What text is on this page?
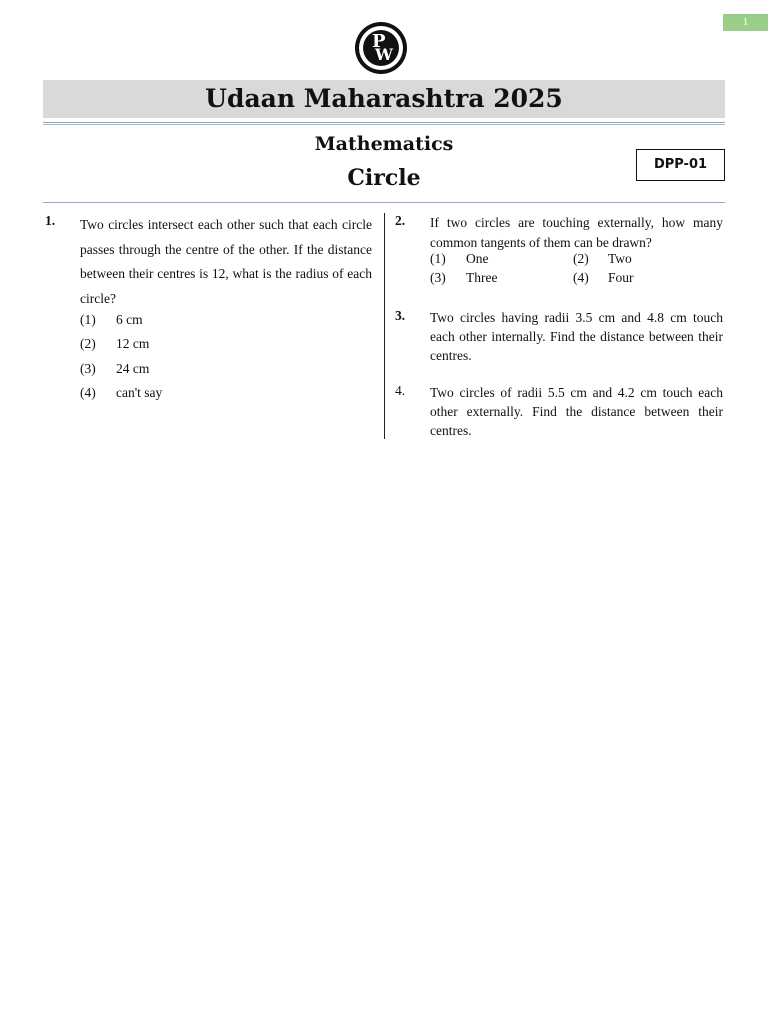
1
P
W
Udaan Maharashtra 2025
Mathematics
Circle
DPP-01
1. Two circles intersect each other such that each circle passes through the centre of the other. If the distance between their centres is 12, what is the radius of each circle?
(1) 6 cm
(2) 12 cm
(3) 24 cm
(4) can't say
2. If two circles are touching externally, how many common tangents of them can be drawn?
(1) One	(2) Two
(3) Three	(4) Four
3. Two circles having radii 3.5 cm and 4.8 cm touch each other internally. Find the distance between their centres.
4. Two circles of radii 5.5 cm and 4.2 cm touch each other externally. Find the distance between their centres.
